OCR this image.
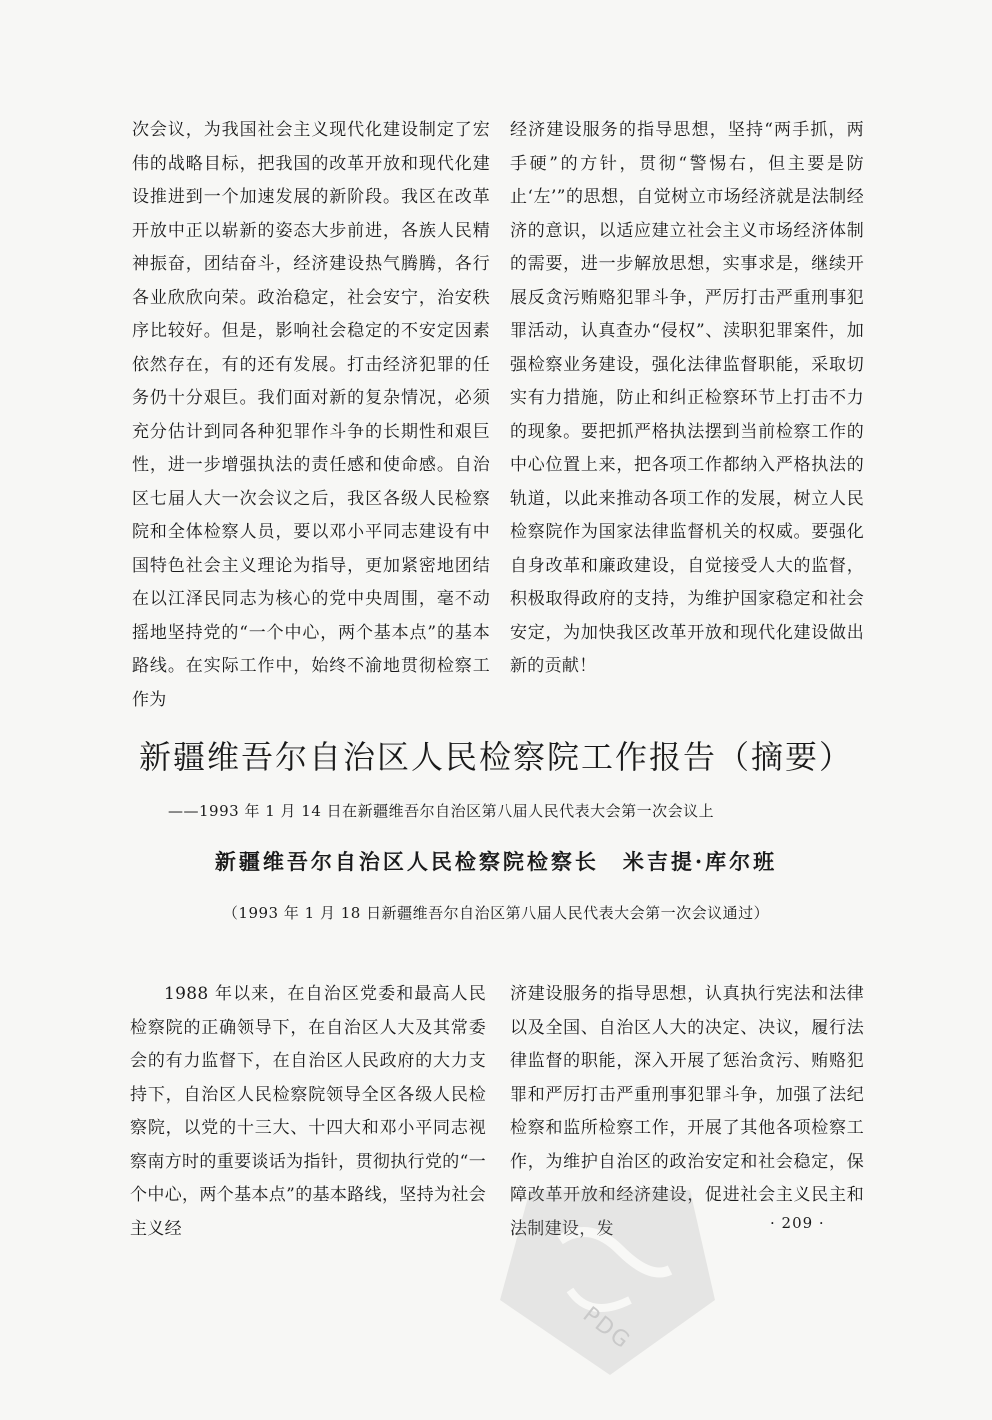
次会议，为我国社会主义现代化建设制定了宏伟的战略目标，把我国的改革开放和现代化建设推进到一个加速发展的新阶段。我区在改革开放中正以崭新的姿态大步前进，各族人民精神振奋，团结奋斗，经济建设热气腾腾，各行各业欣欣向荣。政治稳定，社会安宁，治安秩序比较好。但是，影响社会稳定的不安定因素依然存在，有的还有发展。打击经济犯罪的任务仍十分艰巨。我们面对新的复杂情况，必须充分估计到同各种犯罪作斗争的长期性和艰巨性，进一步增强执法的责任感和使命感。自治区七届人大一次会议之后，我区各级人民检察院和全体检察人员，要以邓小平同志建设有中国特色社会主义理论为指导，更加紧密地团结在以江泽民同志为核心的党中央周围，毫不动摇地坚持党的“一个中心，两个基本点”的基本路线。在实际工作中，始终不渝地贯彻检察工作为

经济建设服务的指导思想，坚持“两手抓，两手硬”的方针，贯彻“警惕右，但主要是防止‘左’”的思想，自觉树立市场经济就是法制经济的意识，以适应建立社会主义市场经济体制的需要，进一步解放思想，实事求是，继续开展反贪污贿赂犯罪斗争，严厉打击严重刑事犯罪活动，认真查办“侵权”、渎职犯罪案件，加强检察业务建设，强化法律监督职能，采取切实有力措施，防止和纠正检察环节上打击不力的现象。要把抓严格执法摆到当前检察工作的中心位置上来，把各项工作都纳入严格执法的轨道，以此来推动各项工作的发展，树立人民检察院作为国家法律监督机关的权威。要强化自身改革和廉政建设，自觉接受人大的监督，积极取得政府的支持，为维护国家稳定和社会安定，为加快我区改革开放和现代化建设做出新的贡献！

新疆维吾尔自治区人民检察院工作报告（摘要）
——1993 年 1 月 14 日在新疆维吾尔自治区第八届人民代表大会第一次会议上
新疆维吾尔自治区人民检察院检察长　米吉提·库尔班
（1993 年 1 月 18 日新疆维吾尔自治区第八届人民代表大会第一次会议通过）

1988 年以来，在自治区党委和最高人民检察院的正确领导下，在自治区人大及其常委会的有力监督下，在自治区人民政府的大力支持下，自治区人民检察院领导全区各级人民检察院，以党的十三大、十四大和邓小平同志视察南方时的重要谈话为指针，贯彻执行党的“一个中心，两个基本点”的基本路线，坚持为社会主义经

济建设服务的指导思想，认真执行宪法和法律以及全国、自治区人大的决定、决议，履行法律监督的职能，深入开展了惩治贪污、贿赂犯罪和严厉打击严重刑事犯罪斗争，加强了法纪检察和监所检察工作，开展了其他各项检察工作，为维护自治区的政治安定和社会稳定，保障改革开放和经济建设，促进社会主义民主和法制建设，发	· 209 ·
PDG
